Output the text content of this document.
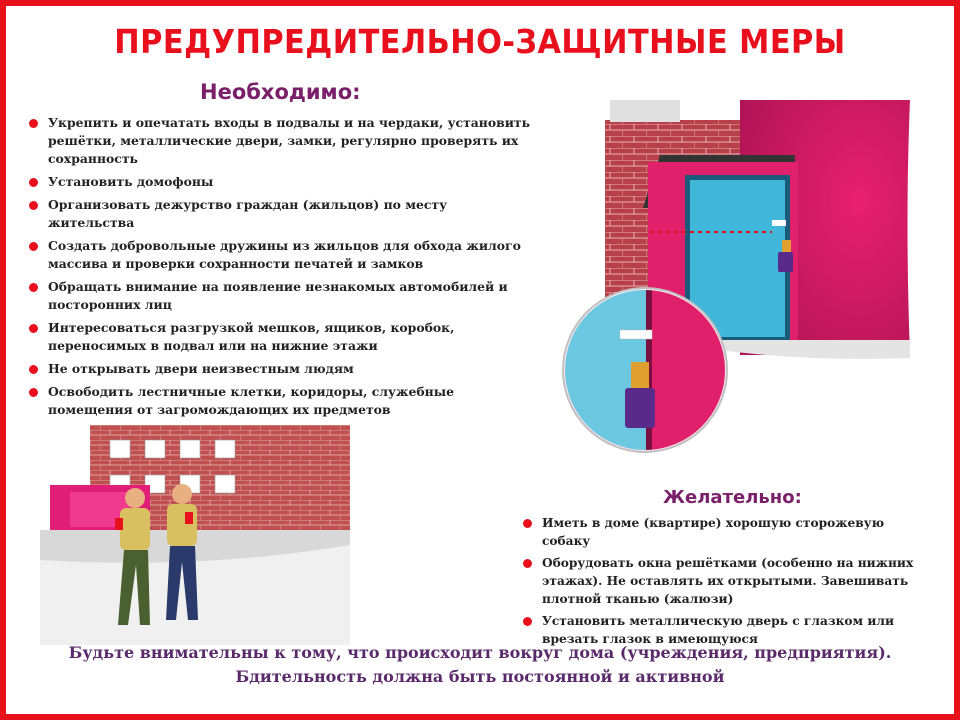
ПРЕДУПРЕДИТЕЛЬНО-ЗАЩИТНЫЕ МЕРЫ
Необходимо:
Укрепить и опечатать входы в подвалы и на чердаки, установить решётки, металлические двери, замки, регулярно проверять их сохранность
Установить домофоны
Организовать дежурство граждан (жильцов) по месту жительства
Создать добровольные дружины из жильцов для обхода жилого массива и проверки сохранности печатей и замков
Обращать внимание на появление незнакомых автомобилей и посторонних лиц
Интересоваться разгрузкой мешков, ящиков, коробок, переносимых в подвал или на нижние этажи
Не открывать двери неизвестным людям
Освободить лестничные клетки, коридоры, служебные помещения от загромождающих их предметов
Желательно:
Иметь в доме (квартире) хорошую сторожевую собаку
Оборудовать окна решётками (особенно на нижних этажах). Не оставлять их открытыми. Завешивать плотной тканью (жалюзи)
Установить металлическую дверь с глазком или врезать глазок в имеющуюся
Будьте внимательны к тому, что происходит вокруг дома (учреждения, предприятия).
Бдительность должна быть постоянной и активной
